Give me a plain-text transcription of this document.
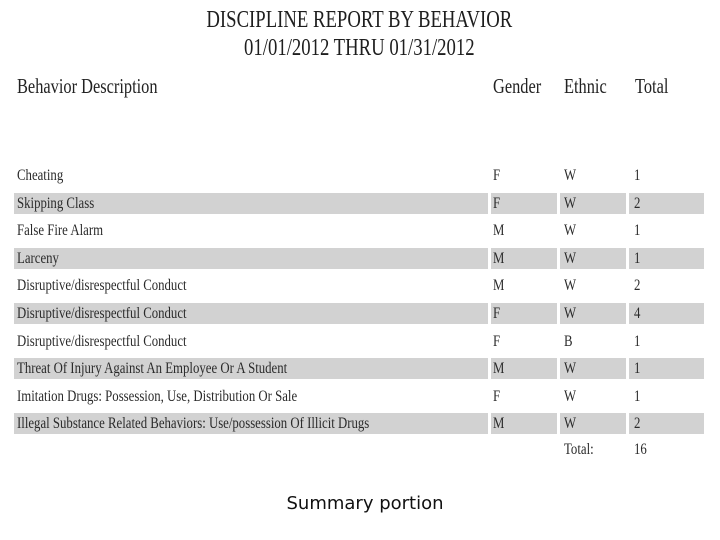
DISCIPLINE REPORT BY BEHAVIOR
01/01/2012 THRU 01/31/2012
Behavior Description	Gender Ethnic Total
Cheating	F	W	1
Skipping Class	F	W	2
False Fire Alarm	M	W	1
Larceny	M	W	1
Disruptive/disrespectful Conduct	M	W	2
Disruptive/disrespectful Conduct	F	W	4
Disruptive/disrespectful Conduct	F	B	1
Threat Of Injury Against An Employee Or A Student	M	W	1
Imitation Drugs: Possession, Use, Distribution Or Sale	F	W	1
Illegal Substance Related Behaviors: Use/possession Of Illicit Drugs	M	W	2
Total:	16
Summary portion
